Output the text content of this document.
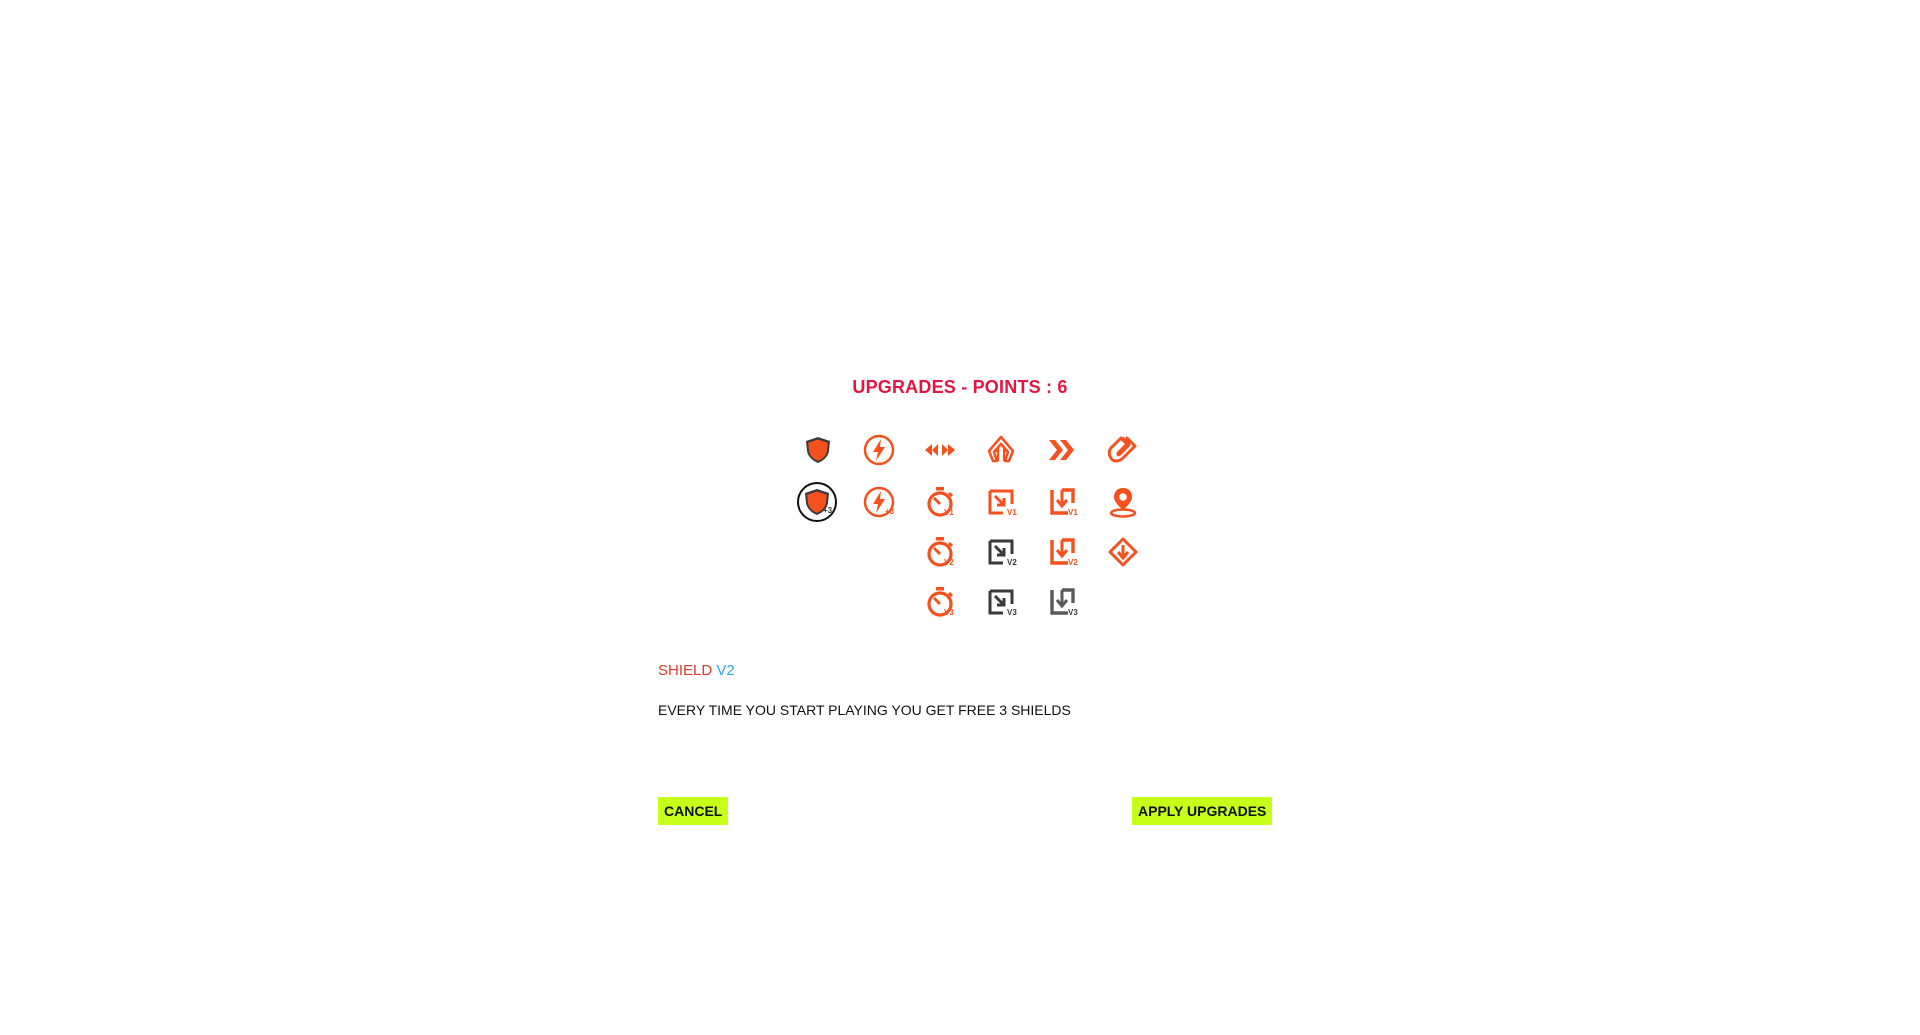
UPGRADES - POINTS : 6
+3	+3	V1	V1	V1
V2	V2	V2
V3	V3	V3
SHIELD V2
EVERY TIME YOU START PLAYING YOU GET FREE 3 SHIELDS
CANCEL	APPLY UPGRADES
